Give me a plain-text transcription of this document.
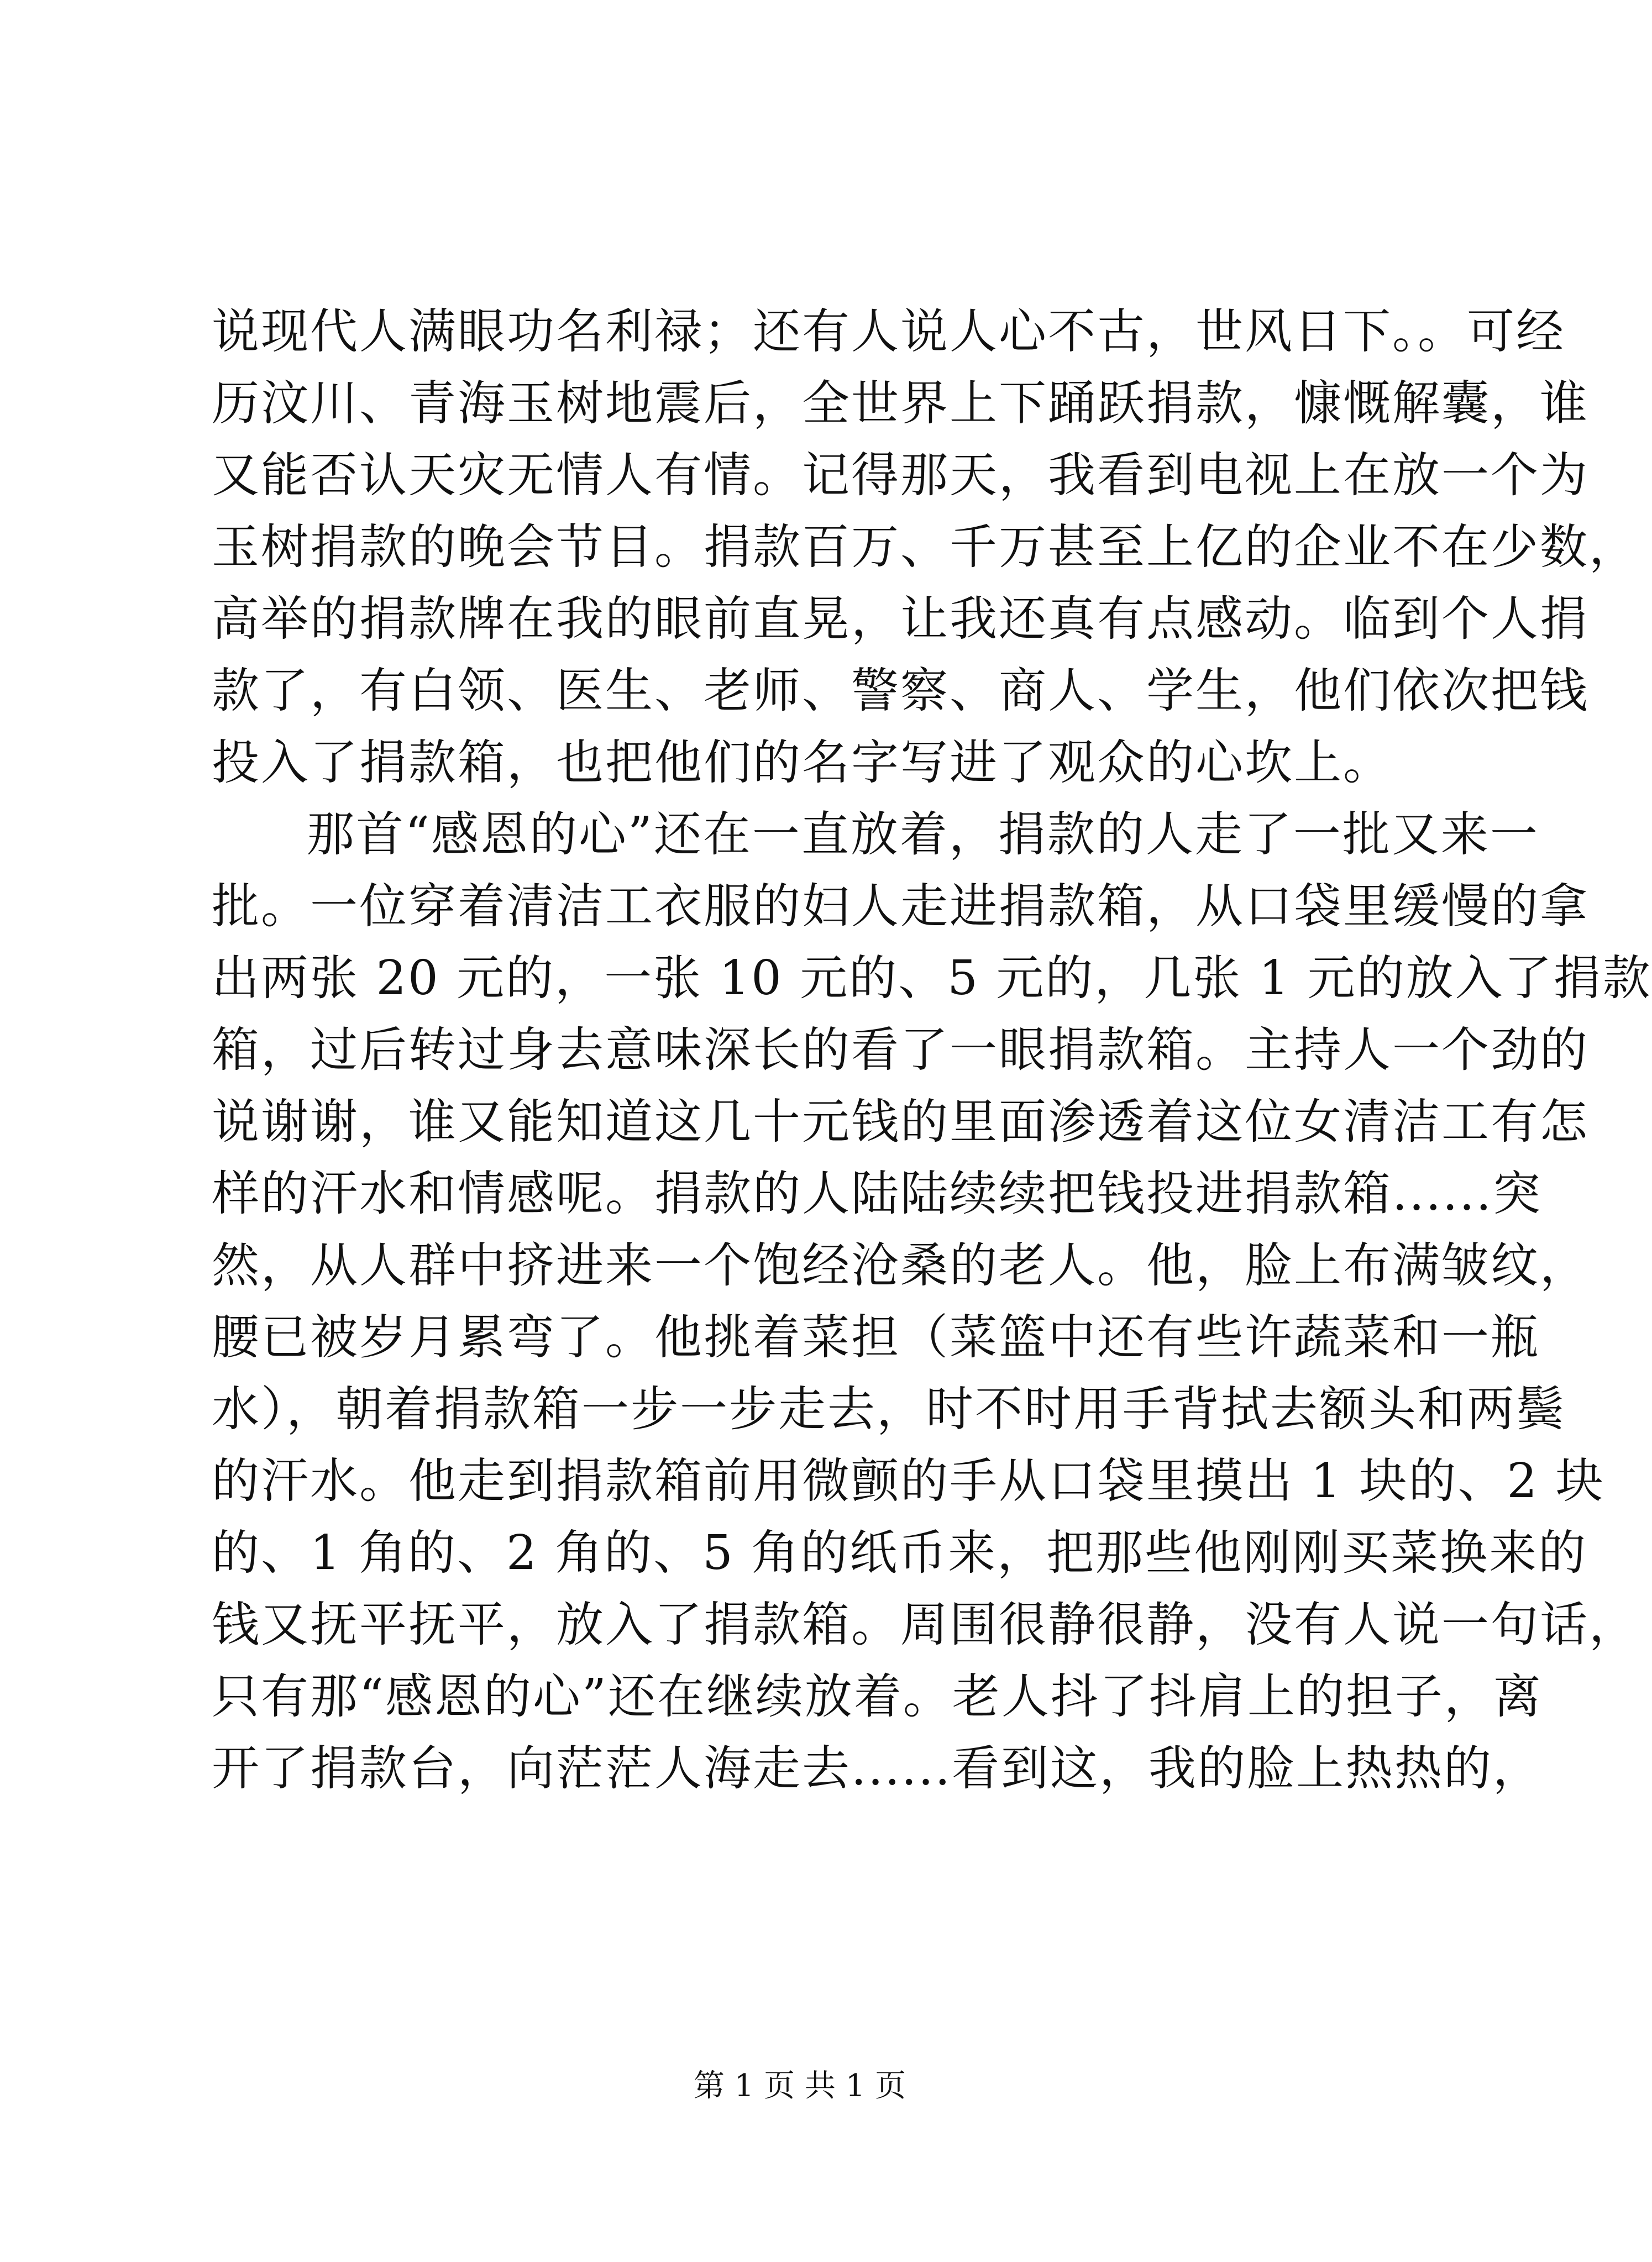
说现代人满眼功名利禄；还有人说人心不古，世风日下。。可经
历汶川、青海玉树地震后，全世界上下踊跃捐款，慷慨解囊，谁
又能否认天灾无情人有情。记得那天，我看到电视上在放一个为
玉树捐款的晚会节目。捐款百万、千万甚至上亿的企业不在少数，
高举的捐款牌在我的眼前直晃，让我还真有点感动。临到个人捐
款了，有白领、医生、老师、警察、商人、学生，他们依次把钱
投入了捐款箱，也把他们的名字写进了观众的心坎上。
那首“感恩的心”还在一直放着，捐款的人走了一批又来一
批。一位穿着清洁工衣服的妇人走进捐款箱，从口袋里缓慢的拿
出两张 20 元的，一张 10 元的、5 元的，几张 1 元的放入了捐款
箱，过后转过身去意味深长的看了一眼捐款箱。主持人一个劲的
说谢谢，谁又能知道这几十元钱的里面渗透着这位女清洁工有怎
样的汗水和情感呢。捐款的人陆陆续续把钱投进捐款箱......突
然，从人群中挤进来一个饱经沧桑的老人。他，脸上布满皱纹，
腰已被岁月累弯了。他挑着菜担（菜篮中还有些许蔬菜和一瓶
水），朝着捐款箱一步一步走去，时不时用手背拭去额头和两鬓
的汗水。他走到捐款箱前用微颤的手从口袋里摸出 1 块的、2 块
的、1 角的、2 角的、5 角的纸币来，把那些他刚刚买菜换来的
钱又抚平抚平，放入了捐款箱。周围很静很静，没有人说一句话，
只有那“感恩的心”还在继续放着。老人抖了抖肩上的担子，离
开了捐款台，向茫茫人海走去......看到这，我的脸上热热的，
第 1 页 共 1 页
